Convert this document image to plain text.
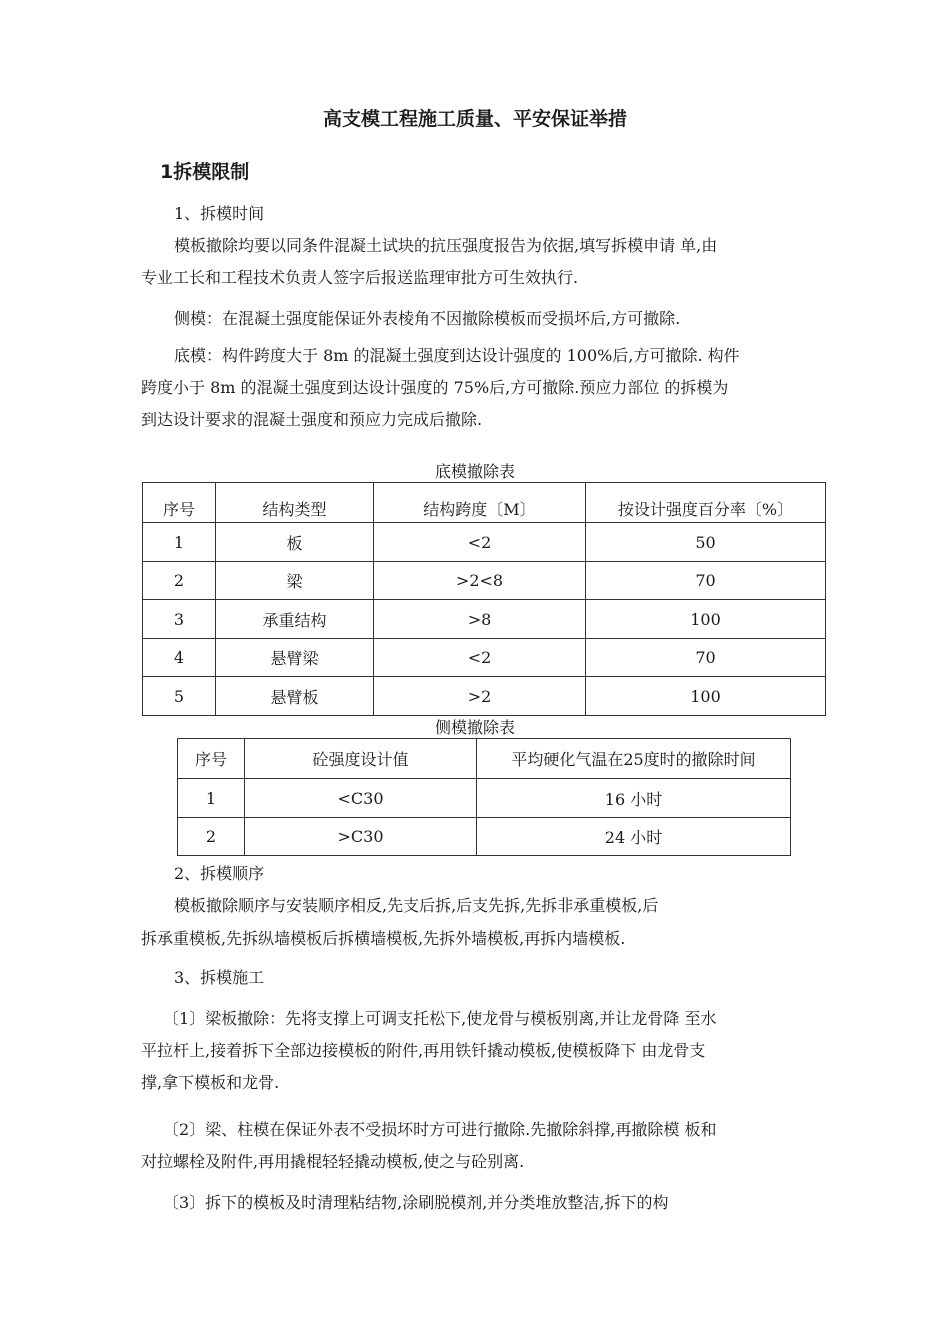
高支模工程施工质量、平安保证举措
1拆模限制
1、拆模时间
模板撤除均要以同条件混凝土试块的抗压强度报告为依据,填写拆模申请 单,由
专业工长和工程技术负责人签字后报送监理审批方可生效执行.
侧模：在混凝土强度能保证外表棱角不因撤除模板而受损坏后,方可撤除.
底模：构件跨度大于 8m 的混凝土强度到达设计强度的 100%后,方可撤除. 构件
跨度小于 8m 的混凝土强度到达设计强度的 75%后,方可撤除.预应力部位 的拆模为
到达设计要求的混凝土强度和预应力完成后撤除.
底模撤除表
序号	结构类型	结构跨度〔M〕	按设计强度百分率〔%〕
1	板	<2	50
2	梁	>2<8	70
3	承重结构	>8	100
4	悬臂梁	<2	70
5	悬臂板	>2	100
侧模撤除表
序号	砼强度设计值	平均硬化气温在25度时的撤除时间
1	<C30	16 小时
2	>C30	24 小时
2、拆模顺序
模板撤除顺序与安装顺序相反,先支后拆,后支先拆,先拆非承重模板,后
拆承重模板,先拆纵墙模板后拆横墙模板,先拆外墙模板,再拆内墙模板.
3、拆模施工
〔1〕梁板撤除：先将支撑上可调支托松下,使龙骨与模板别离,并让龙骨降 至水
平拉杆上,接着拆下全部边接模板的附件,再用铁钎撬动模板,使模板降下 由龙骨支
撑,拿下模板和龙骨.
〔2〕梁、柱模在保证外表不受损坏时方可进行撤除.先撤除斜撑,再撤除模 板和
对拉螺栓及附件,再用撬棍轻轻撬动模板,使之与砼别离.
〔3〕拆下的模板及时清理粘结物,涂刷脱模剂,并分类堆放整洁,拆下的构
